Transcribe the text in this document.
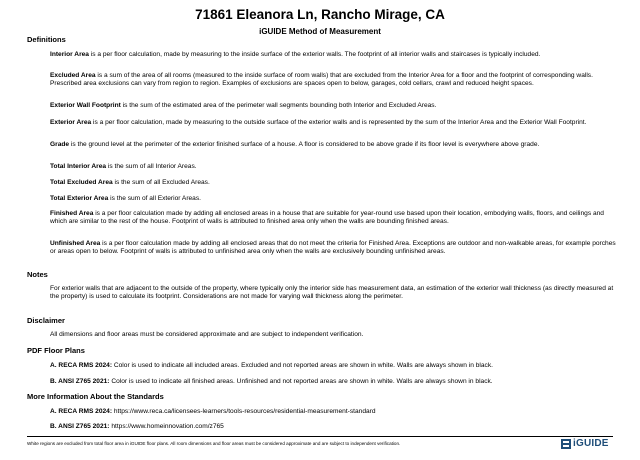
71861 Eleanora Ln, Rancho Mirage, CA
iGUIDE Method of Measurement
Definitions
Interior Area is a per floor calculation, made by measuring to the inside surface of the exterior walls. The footprint of all interior walls and staircases is typically included.
Excluded Area is a sum of the area of all rooms (measured to the inside surface of room walls) that are excluded from the Interior Area for a floor and the footprint of corresponding walls. Prescribed area exclusions can vary from region to region. Examples of exclusions are spaces open to below, garages, cold cellars, crawl and reduced height spaces.
Exterior Wall Footprint is the sum of the estimated area of the perimeter wall segments bounding both Interior and Excluded Areas.
Exterior Area is a per floor calculation, made by measuring to the outside surface of the exterior walls and is represented by the sum of the Interior Area and the Exterior Wall Footprint.
Grade is the ground level at the perimeter of the exterior finished surface of a house. A floor is considered to be above grade if its floor level is everywhere above grade.
Total Interior Area is the sum of all Interior Areas.
Total Excluded Area is the sum of all Excluded Areas.
Total Exterior Area is the sum of all Exterior Areas.
Finished Area is a per floor calculation made by adding all enclosed areas in a house that are suitable for year-round use based upon their location, embodying walls, floors, and ceilings and which are similar to the rest of the house. Footprint of walls is attributed to finished area only when the walls are bounding finished areas.
Unfinished Area is a per floor calculation made by adding all enclosed areas that do not meet the criteria for Finished Area. Exceptions are outdoor and non-walkable areas, for example porches or areas open to below. Footprint of walls is attributed to unfinished area only when the walls are exclusively bounding unfinished areas.
Notes
For exterior walls that are adjacent to the outside of the property, where typically only the interior side has measurement data, an estimation of the exterior wall thickness (as directly measured at the property) is used to calculate its footprint. Considerations are not made for varying wall thickness along the perimeter.
Disclaimer
All dimensions and floor areas must be considered approximate and are subject to independent verification.
PDF Floor Plans
A. RECA RMS 2024: Color is used to indicate all included areas. Excluded and not reported areas are shown in white. Walls are always shown in black.
B. ANSI Z765 2021: Color is used to indicate all finished areas. Unfinished and not reported areas are shown in white. Walls are always shown in black.
More Information About the Standards
A. RECA RMS 2024: https://www.reca.ca/licensees-learners/tools-resources/residential-measurement-standard
B. ANSI Z765 2021: https://www.homeinnovation.com/z765
White regions are excluded from total floor area in iGUIDE floor plans. All room dimensions and floor areas must be considered approximate and are subject to independent verification.	iGUIDE
